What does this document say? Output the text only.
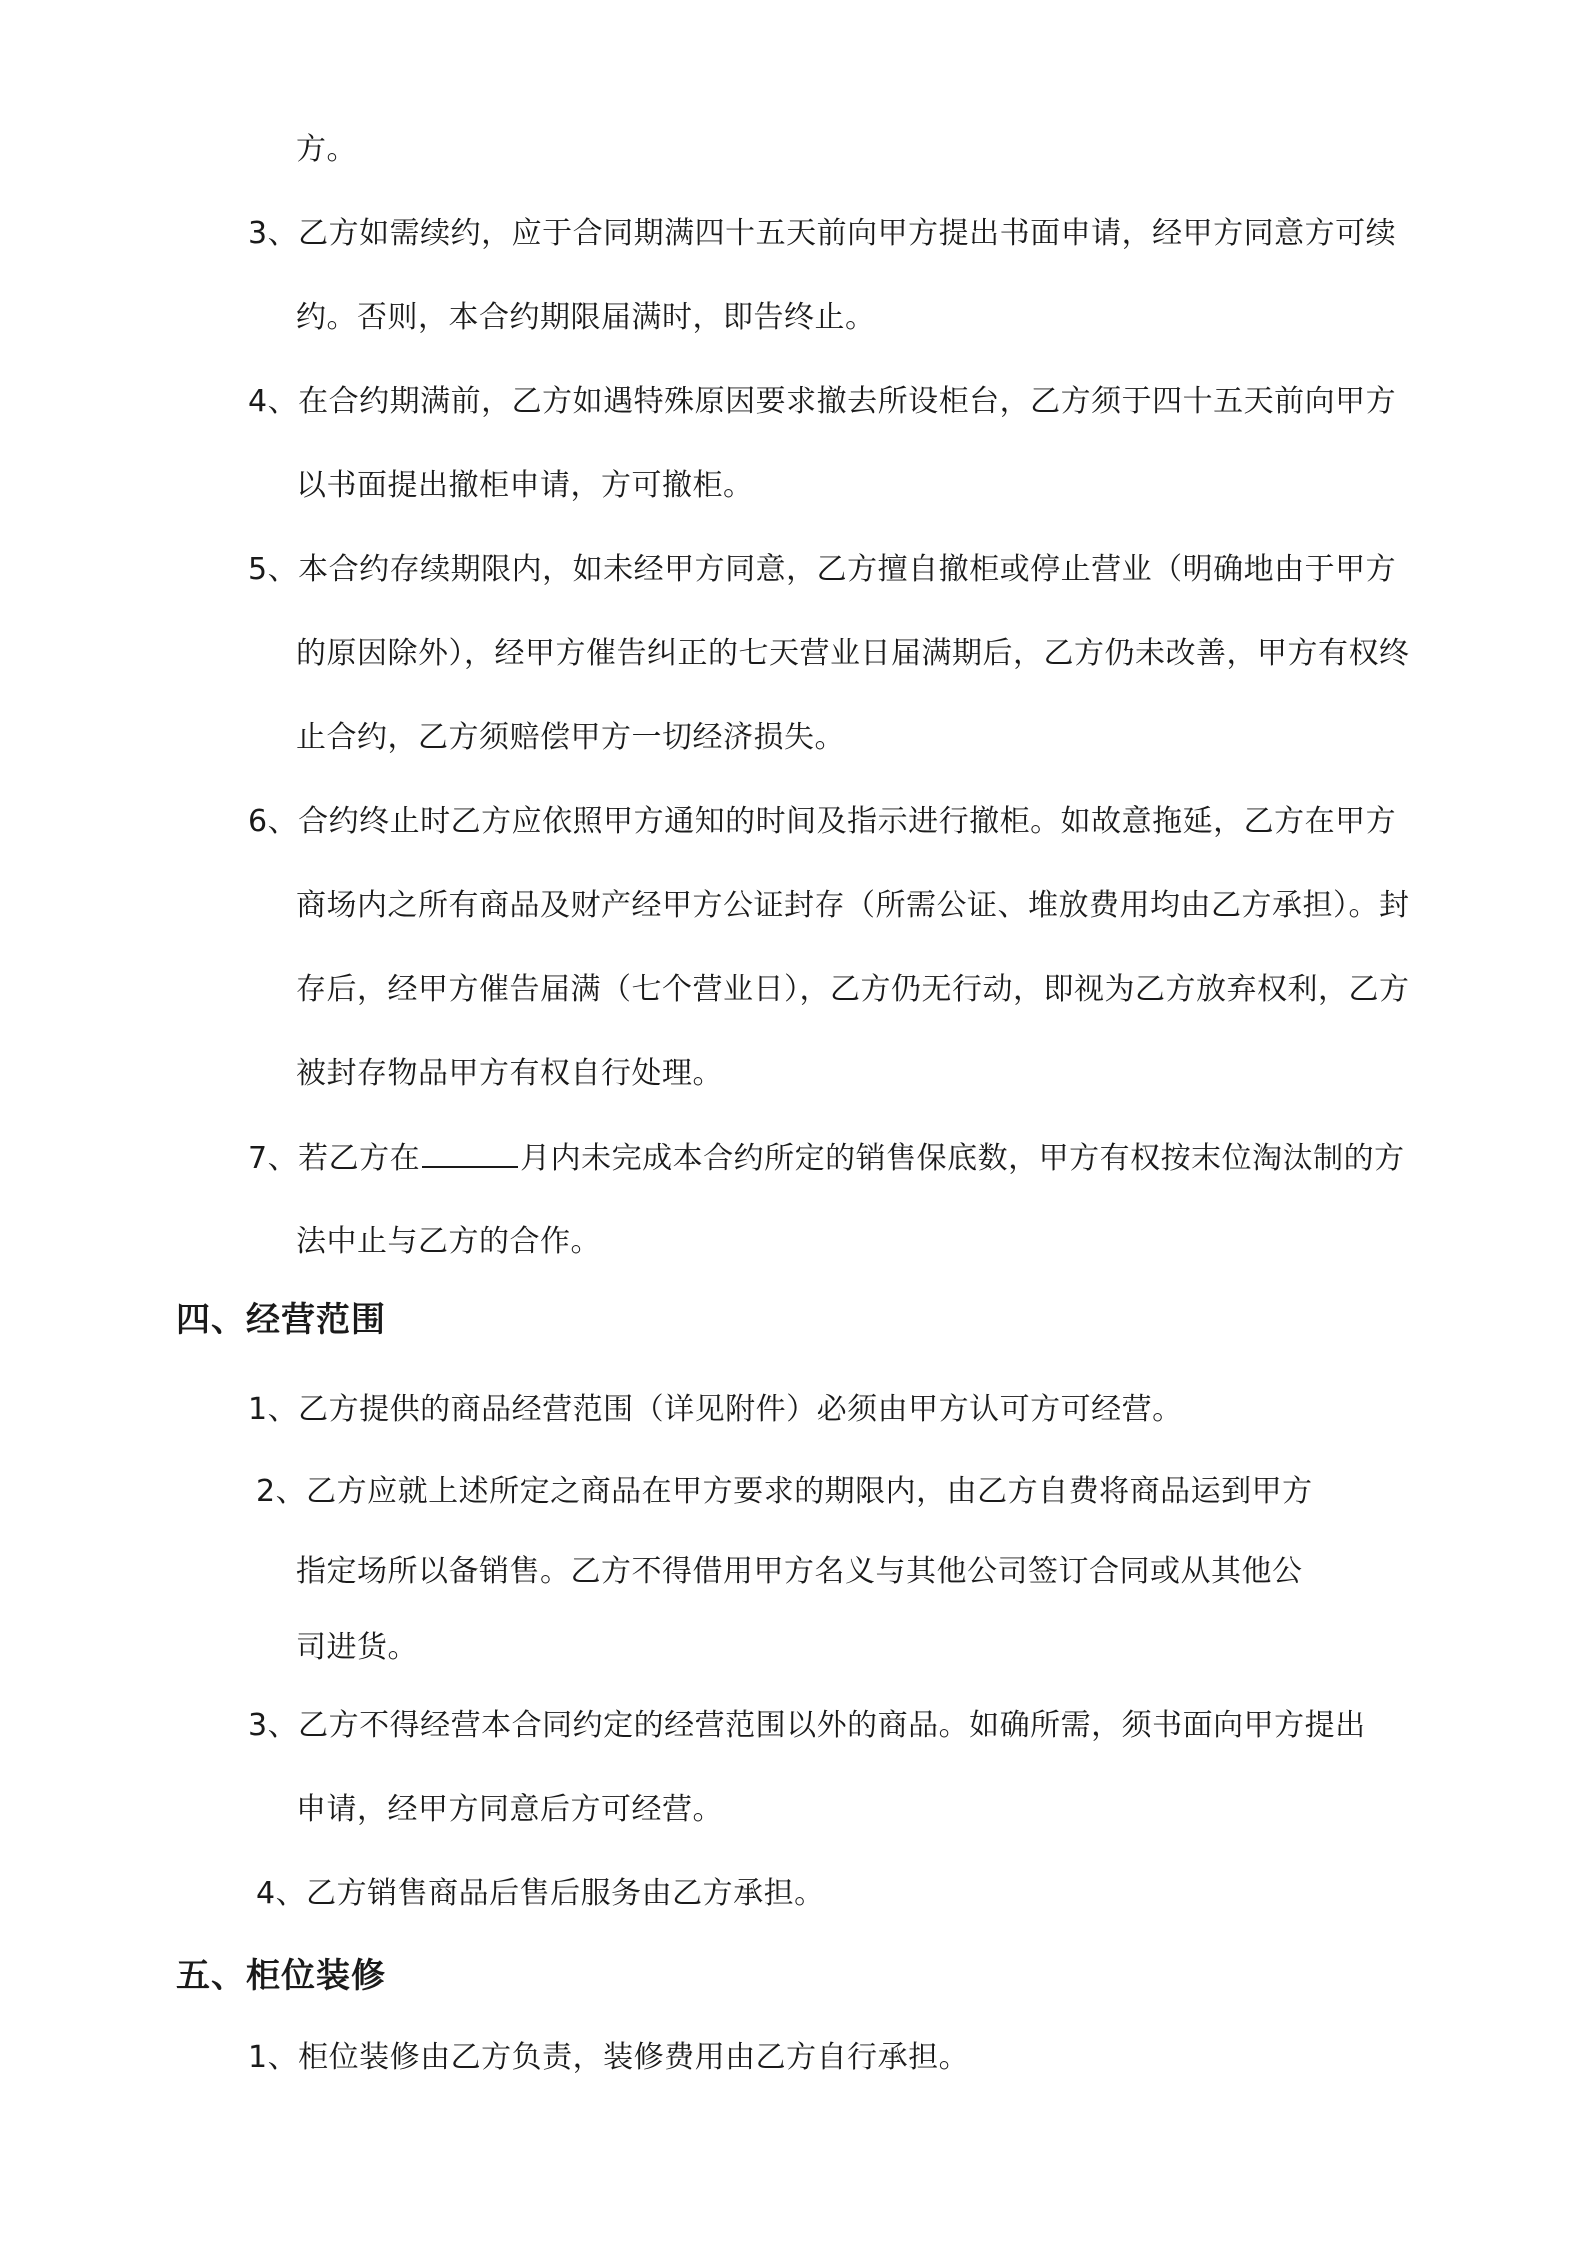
方。
3、乙方如需续约，应于合同期满四十五天前向甲方提出书面申请，经甲方同意方可续
约。否则，本合约期限届满时，即告终止。
4、在合约期满前，乙方如遇特殊原因要求撤去所设柜台，乙方须于四十五天前向甲方
以书面提出撤柜申请，方可撤柜。
5、本合约存续期限内，如未经甲方同意，乙方擅自撤柜或停止营业（明确地由于甲方
的原因除外），经甲方催告纠正的七天营业日届满期后，乙方仍未改善，甲方有权终
止合约，乙方须赔偿甲方一切经济损失。
6、合约终止时乙方应依照甲方通知的时间及指示进行撤柜。如故意拖延，乙方在甲方
商场内之所有商品及财产经甲方公证封存（所需公证、堆放费用均由乙方承担）。封
存后，经甲方催告届满（七个营业日），乙方仍无行动，即视为乙方放弃权利，乙方
被封存物品甲方有权自行处理。
7、若乙方在	月内未完成本合约所定的销售保底数，甲方有权按末位淘汰制的方
法中止与乙方的合作。
四、经营范围
1、乙方提供的商品经营范围（详见附件）必须由甲方认可方可经营。
2、乙方应就上述所定之商品在甲方要求的期限内，由乙方自费将商品运到甲方
指定场所以备销售。乙方不得借用甲方名义与其他公司签订合同或从其他公
司进货。
3、乙方不得经营本合同约定的经营范围以外的商品。如确所需，须书面向甲方提出
申请，经甲方同意后方可经营。
4、乙方销售商品后售后服务由乙方承担。
五、柜位装修
1、柜位装修由乙方负责，装修费用由乙方自行承担。
